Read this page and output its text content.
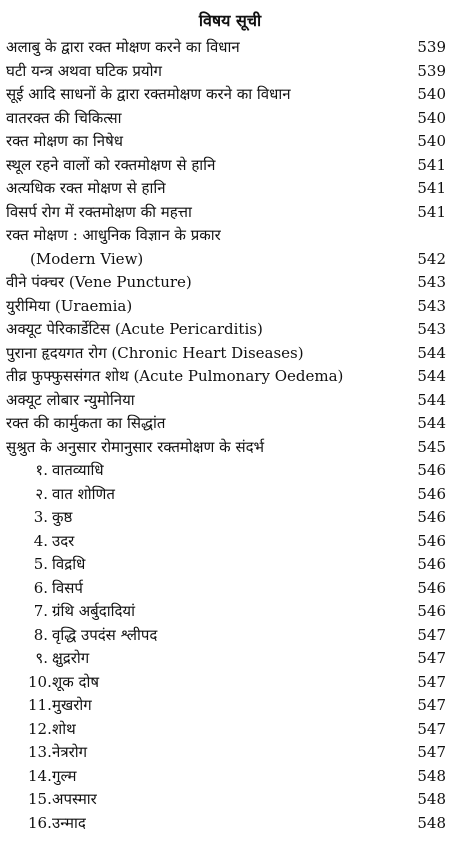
विषय सूची
अलाबु के द्वारा रक्त मोक्षण करने का विधान	539
घटी यन्त्र अथवा घटिक प्रयोग	539
सूई आदि साधनों के द्वारा रक्तमोक्षण करने का विधान	540
वातरक्त की चिकित्सा	540
रक्त मोक्षण का निषेध	540
स्थूल रहने वालों को रक्तमोक्षण से हानि	541
अत्यधिक रक्त मोक्षण से हानि	541
विसर्प रोग में रक्तमोक्षण की महत्ता	541
रक्त मोक्षण : आधुनिक विज्ञान के प्रकार
(Modern View)	542
वीने पंक्चर (Vene Puncture)	543
युरीमिया (Uraemia)	543
अक्यूट पेरिकार्डेटिस (Acute Pericarditis)	543
पुराना हृदयगत रोग (Chronic Heart Diseases)	544
तीव्र फुफ्फुससंगत शोथ (Acute Pulmonary Oedema)	544
अक्यूट लोबार न्युमोनिया	544
रक्त की कार्मुकता का सिद्धांत	544
सुश्रुत के अनुसार रोमानुसार रक्तमोक्षण के संदर्भ	545
१. वातव्याधि	546
२. वात शोणित	546
3. कुष्ठ	546
4. उदर	546
5. विद्रधि	546
6. विसर्प	546
7. ग्रंथि अर्बुदादियां	546
8. वृद्धि उपदंस श्लीपद	547
९. क्षुद्ररोग	547
10. शूक दोष	547
11. मुखरोग	547
12. शोथ	547
13. नेत्ररोग	547
14. गुल्म	548
15. अपस्मार	548
16. उन्माद	548
